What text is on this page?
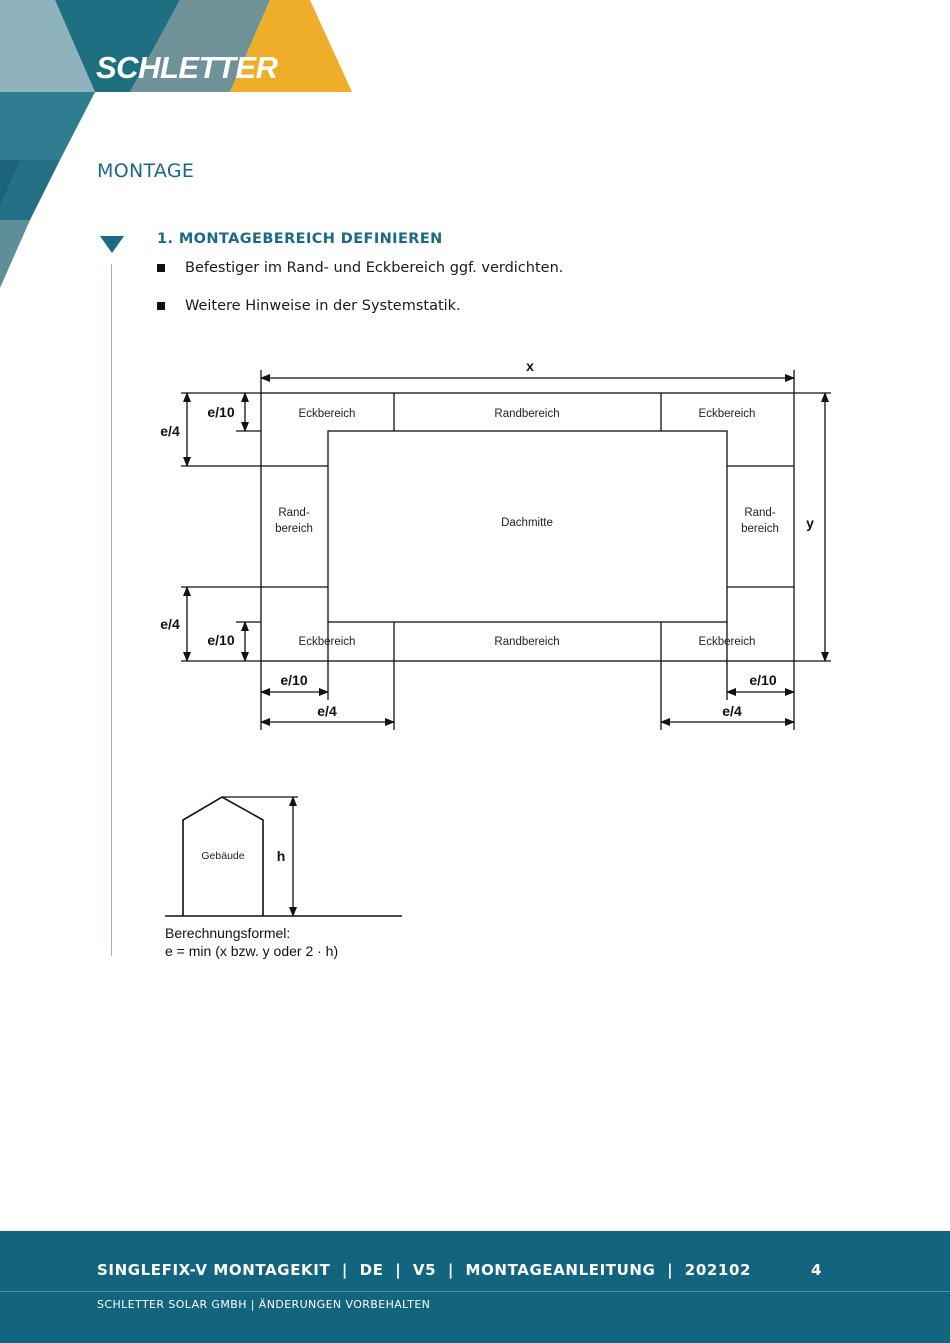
SCHLETTER
MONTAGE
1. MONTAGEBEREICH DEFINIEREN
Befestiger im Rand- und Eckbereich ggf. verdichten.
Weitere Hinweise in der Systemstatik.
x
y
e/4
e/10
e/4
e/10
e/10	e/10
e/4	e/4
Eckbereich	Randbereich	Eckbereich
Eckbereich	Randbereich	Eckbereich
Rand-
bereich
Rand-
bereich
Dachmitte
Gebäude h
Berechnungsformel:
e = min (x bzw. y oder 2 · h)
SINGLEFIX-V MONTAGEKIT  |  DE  |  V5  |  MONTAGEANLEITUNG  |  202102	4
SCHLETTER SOLAR GMBH | ÄNDERUNGEN VORBEHALTEN
